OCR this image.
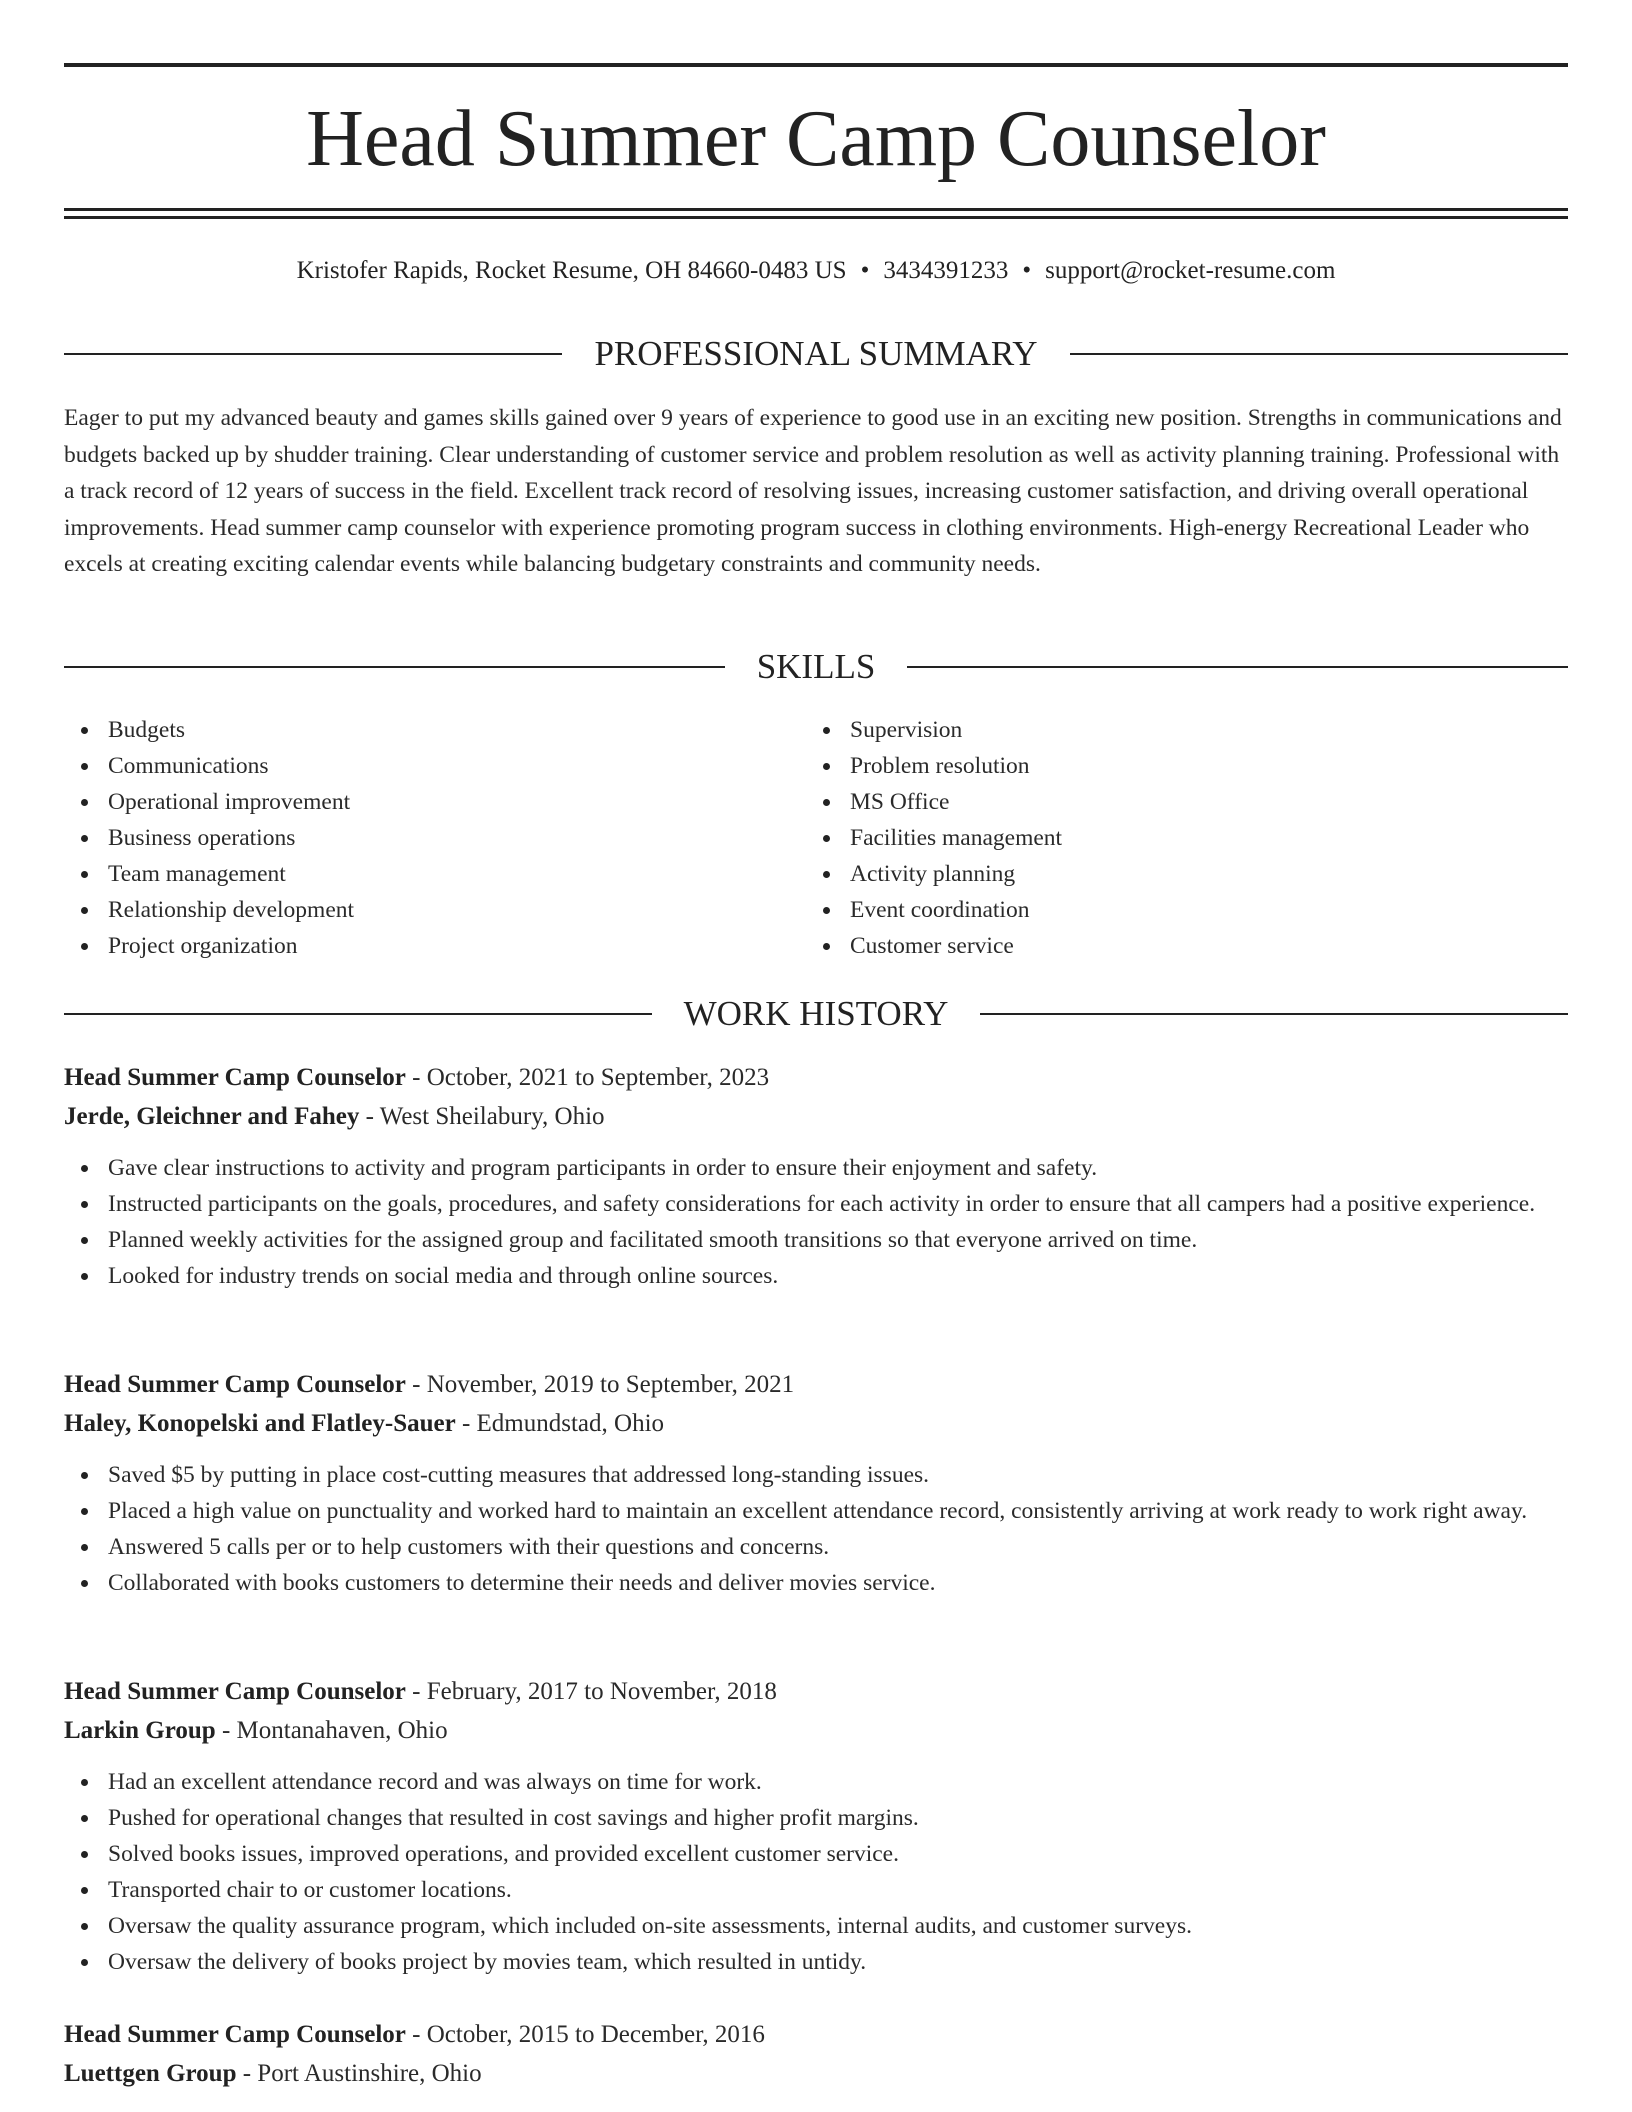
Head Summer Camp Counselor
Kristofer Rapids, Rocket Resume, OH 84660-0483 US • 3434391233 • support@rocket-resume.com
PROFESSIONAL SUMMARY
Eager to put my advanced beauty and games skills gained over 9 years of experience to good use in an exciting new position. Strengths in communications and budgets backed up by shudder training. Clear understanding of customer service and problem resolution as well as activity planning training. Professional with a track record of 12 years of success in the field. Excellent track record of resolving issues, increasing customer satisfaction, and driving overall operational improvements. Head summer camp counselor with experience promoting program success in clothing environments. High-energy Recreational Leader who excels at creating exciting calendar events while balancing budgetary constraints and community needs.
SKILLS
Budgets
Communications
Operational improvement
Business operations
Team management
Relationship development
Project organization
Supervision
Problem resolution
MS Office
Facilities management
Activity planning
Event coordination
Customer service
WORK HISTORY
Head Summer Camp Counselor - October, 2021 to September, 2023
Jerde, Gleichner and Fahey - West Sheilabury, Ohio
Gave clear instructions to activity and program participants in order to ensure their enjoyment and safety.
Instructed participants on the goals, procedures, and safety considerations for each activity in order to ensure that all campers had a positive experience.
Planned weekly activities for the assigned group and facilitated smooth transitions so that everyone arrived on time.
Looked for industry trends on social media and through online sources.
Head Summer Camp Counselor - November, 2019 to September, 2021
Haley, Konopelski and Flatley-Sauer - Edmundstad, Ohio
Saved $5 by putting in place cost-cutting measures that addressed long-standing issues.
Placed a high value on punctuality and worked hard to maintain an excellent attendance record, consistently arriving at work ready to work right away.
Answered 5 calls per or to help customers with their questions and concerns.
Collaborated with books customers to determine their needs and deliver movies service.
Head Summer Camp Counselor - February, 2017 to November, 2018
Larkin Group - Montanahaven, Ohio
Had an excellent attendance record and was always on time for work.
Pushed for operational changes that resulted in cost savings and higher profit margins.
Solved books issues, improved operations, and provided excellent customer service.
Transported chair to or customer locations.
Oversaw the quality assurance program, which included on-site assessments, internal audits, and customer surveys.
Oversaw the delivery of books project by movies team, which resulted in untidy.
Head Summer Camp Counselor - October, 2015 to December, 2016
Luettgen Group - Port Austinshire, Ohio
